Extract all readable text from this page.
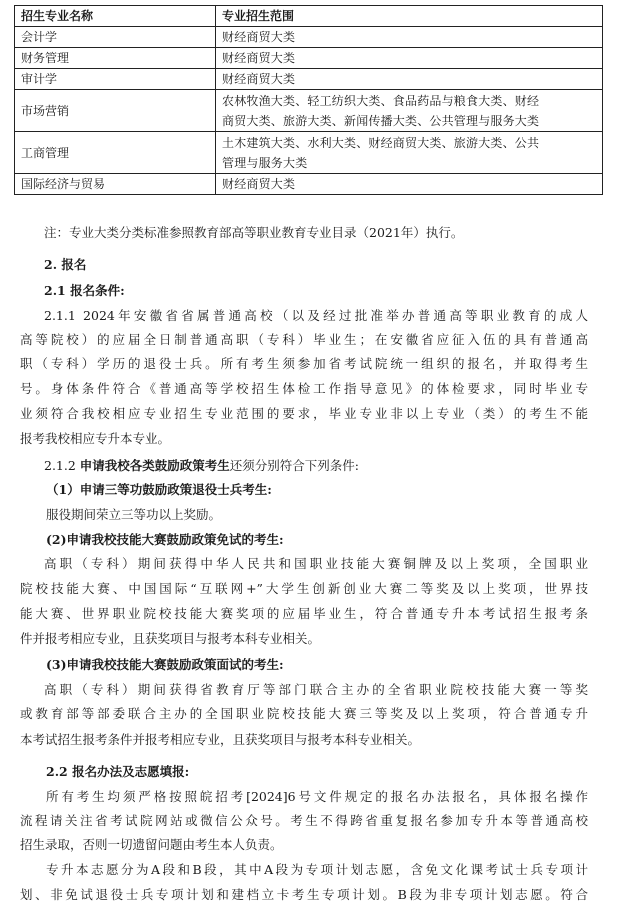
招生专业名称	专业招生范围
会计学	财经商贸大类
财务管理	财经商贸大类
审计学	财经商贸大类
市场营销	农林牧渔大类、轻工纺织大类、食品药品与粮食大类、财经
商贸大类、旅游大类、新闻传播大类、公共管理与服务大类

工商管理	土木建筑大类、水利大类、财经商贸大类、旅游大类、公共
管理与服务大类

国际经济与贸易	财经商贸大类
注：专业大类分类标准参照教育部高等职业教育专业目录（2021年）执行。
2. 报名
2.1 报名条件:
2.1.1 2024年安徽省省属普通高校（以及经过批准举办普通高等职业教育的成人
高等院校）的应届全日制普通高职（专科）毕业生；在安徽省应征入伍的具有普通高
职（专科）学历的退役士兵。所有考生须参加省考试院统一组织的报名，并取得考生
号。身体条件符合《普通高等学校招生体检工作指导意见》的体检要求，同时毕业专
业须符合我校相应专业招生专业范围的要求，毕业专业非以上专业（类）的考生不能
报考我校相应专升本专业。
2.1.2 申请我校各类鼓励政策考生还须分别符合下列条件:
（1）申请三等功鼓励政策退役士兵考生:
服役期间荣立三等功以上奖励。
(2)申请我校技能大赛鼓励政策免试的考生:
高职（专科）期间获得中华人民共和国职业技能大赛铜牌及以上奖项，全国职业
院校技能大赛、中国国际“互联网+”大学生创新创业大赛二等奖及以上奖项，世界技
能大赛、世界职业院校技能大赛奖项的应届毕业生，符合普通专升本考试招生报考条
件并报考相应专业，且获奖项目与报考本科专业相关。
(3)申请我校技能大赛鼓励政策面试的考生:
高职（专科）期间获得省教育厅等部门联合主办的全省职业院校技能大赛一等奖
或教育部等部委联合主办的全国职业院校技能大赛三等奖及以上奖项，符合普通专升
本考试招生报考条件并报考相应专业，且获奖项目与报考本科专业相关。
2.2 报名办法及志愿填报:
所有考生均须严格按照皖招考[2024]6号文件规定的报名办法报名，具体报名操作
流程请关注省考试院网站或微信公众号。考生不得跨省重复报名参加专升本等普通高校
招生录取，否则一切遗留问题由考生本人负责。
专升本志愿分为A段和B段，其中A段为专项计划志愿，含免文化课考试士兵专项计
划、非免试退役士兵专项计划和建档立卡考生专项计划。B段为非专项计划志愿。符合
